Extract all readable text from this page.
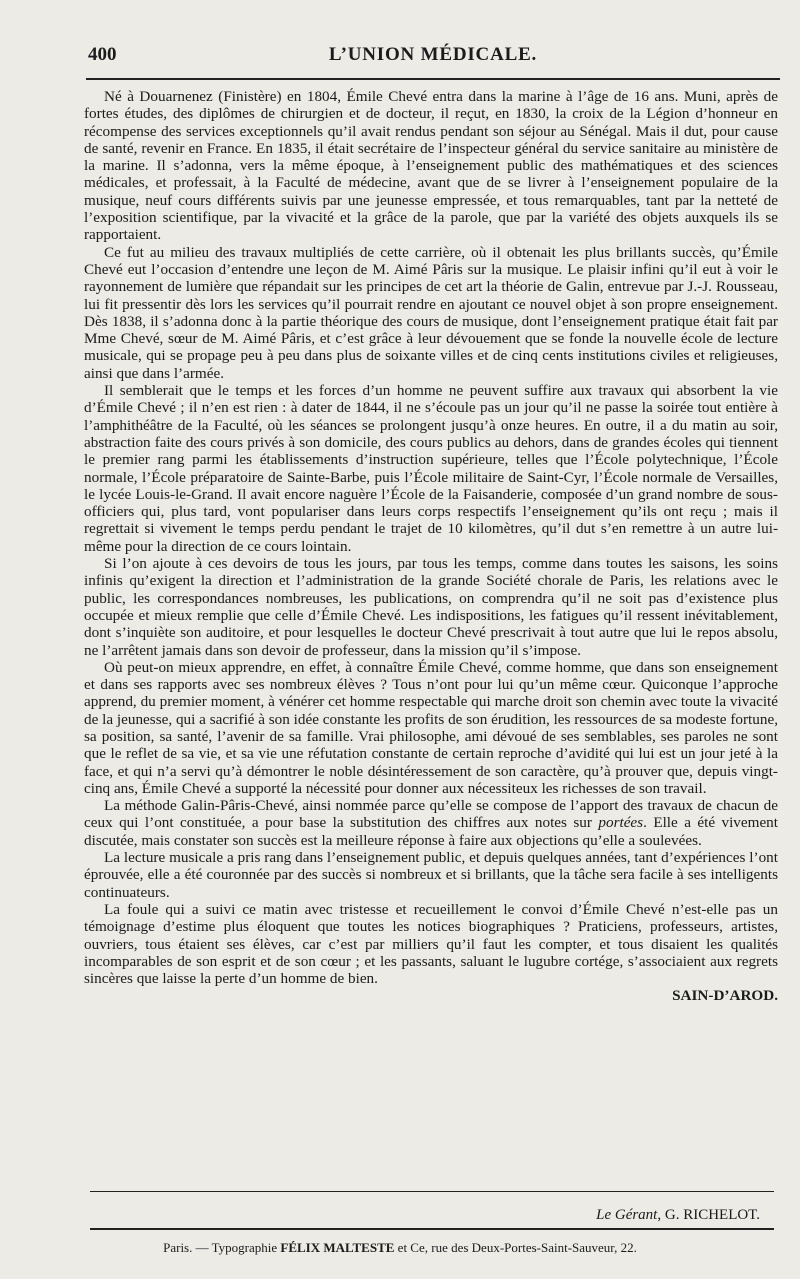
400	L’UNION MÉDICALE.

Né à Douarnenez (Finistère) en 1804, Émile Chevé entra dans la marine à l’âge de 16 ans. Muni, après de fortes études, des diplômes de chirurgien et de docteur, il reçut, en 1830, la croix de la Légion d’honneur en récompense des services exceptionnels qu’il avait rendus pendant son séjour au Sénégal. Mais il dut, pour cause de santé, revenir en France. En 1835, il était secrétaire de l’inspecteur général du service sanitaire au ministère de la marine. Il s’adonna, vers la même époque, à l’enseignement public des mathématiques et des sciences médicales, et professait, à la Faculté de médecine, avant que de se livrer à l’enseignement populaire de la musique, neuf cours différents suivis par une jeunesse empressée, et tous remarquables, tant par la netteté de l’exposition scientifique, par la vivacité et la grâce de la parole, que par la variété des objets auxquels ils se rapportaient.

Ce fut au milieu des travaux multipliés de cette carrière, où il obtenait les plus brillants succès, qu’Émile Chevé eut l’occasion d’entendre une leçon de M. Aimé Pâris sur la musique. Le plaisir infini qu’il eut à voir le rayonnement de lumière que répandait sur les principes de cet art la théorie de Galin, entrevue par J.-J. Rousseau, lui fit pressentir dès lors les services qu’il pourrait rendre en ajoutant ce nouvel objet à son propre enseignement. Dès 1838, il s’adonna donc à la partie théorique des cours de musique, dont l’enseignement pratique était fait par Mme Chevé, sœur de M. Aimé Pâris, et c’est grâce à leur dévouement que se fonde la nouvelle école de lecture musicale, qui se propage peu à peu dans plus de soixante villes et de cinq cents institutions civiles et religieuses, ainsi que dans l’armée.

Il semblerait que le temps et les forces d’un homme ne peuvent suffire aux travaux qui absorbent la vie d’Émile Chevé ; il n’en est rien : à dater de 1844, il ne s’écoule pas un jour qu’il ne passe la soirée tout entière à l’amphithéâtre de la Faculté, où les séances se prolongent jusqu’à onze heures. En outre, il a du matin au soir, abstraction faite des cours privés à son domicile, des cours publics au dehors, dans de grandes écoles qui tiennent le premier rang parmi les établissements d’instruction supérieure, telles que l’École polytechnique, l’École normale, l’École préparatoire de Sainte-Barbe, puis l’École militaire de Saint-Cyr, l’École normale de Versailles, le lycée Louis-le-Grand. Il avait encore naguère l’École de la Faisanderie, composée d’un grand nombre de sous-officiers qui, plus tard, vont populariser dans leurs corps respectifs l’enseignement qu’ils ont reçu ; mais il regrettait si vivement le temps perdu pendant le trajet de 10 kilomètres, qu’il dut s’en remettre à un autre lui-même pour la direction de ce cours lointain.

Si l’on ajoute à ces devoirs de tous les jours, par tous les temps, comme dans toutes les saisons, les soins infinis qu’exigent la direction et l’administration de la grande Société chorale de Paris, les relations avec le public, les correspondances nombreuses, les publications, on comprendra qu’il ne soit pas d’existence plus occupée et mieux remplie que celle d’Émile Chevé. Les indispositions, les fatigues qu’il ressent inévitablement, dont s’inquiète son auditoire, et pour lesquelles le docteur Chevé prescrivait à tout autre que lui le repos absolu, ne l’arrêtent jamais dans son devoir de professeur, dans la mission qu’il s’impose.

Où peut-on mieux apprendre, en effet, à connaître Émile Chevé, comme homme, que dans son enseignement et dans ses rapports avec ses nombreux élèves ? Tous n’ont pour lui qu’un même cœur. Quiconque l’approche apprend, du premier moment, à vénérer cet homme respectable qui marche droit son chemin avec toute la vivacité de la jeunesse, qui a sacrifié à son idée constante les profits de son érudition, les ressources de sa modeste fortune, sa position, sa santé, l’avenir de sa famille. Vrai philosophe, ami dévoué de ses semblables, ses paroles ne sont que le reflet de sa vie, et sa vie une réfutation constante de certain reproche d’avidité qui lui est un jour jeté à la face, et qui n’a servi qu’à démontrer le noble désintéressement de son caractère, qu’à prouver que, depuis vingt-cinq ans, Émile Chevé a supporté la nécessité pour donner aux nécessiteux les richesses de son travail.

La méthode Galin-Pâris-Chevé, ainsi nommée parce qu’elle se compose de l’apport des travaux de chacun de ceux qui l’ont constituée, a pour base la substitution des chiffres aux notes sur portées. Elle a été vivement discutée, mais constater son succès est la meilleure réponse à faire aux objections qu’elle a soulevées.

La lecture musicale a pris rang dans l’enseignement public, et depuis quelques années, tant d’expériences l’ont éprouvée, elle a été couronnée par des succès si nombreux et si brillants, que la tâche sera facile à ses intelligents continuateurs.

La foule qui a suivi ce matin avec tristesse et recueillement le convoi d’Émile Chevé n’est-elle pas un témoignage d’estime plus éloquent que toutes les notices biographiques ? Praticiens, professeurs, artistes, ouvriers, tous étaient ses élèves, car c’est par milliers qu’il faut les compter, et tous disaient les qualités incomparables de son esprit et de son cœur ; et les passants, saluant le lugubre cortége, s’associaient aux regrets sincères que laisse la perte d’un homme de bien.

SAIN-D’AROD.

Le Gérant, G. RICHELOT.
Paris. — Typographie FÉLIX MALTESTE et Ce, rue des Deux-Portes-Saint-Sauveur, 22.
